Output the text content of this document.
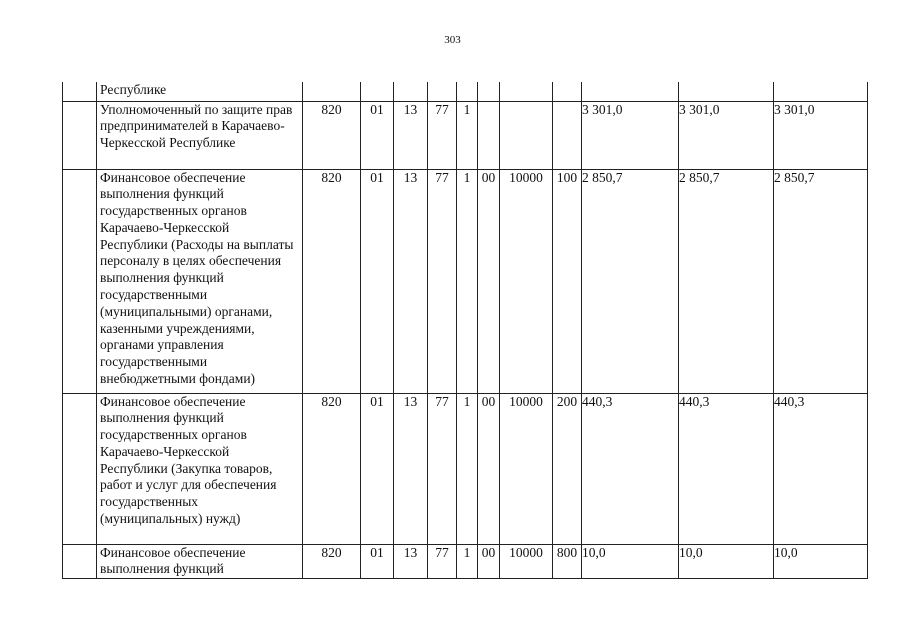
303

	Республике											

	Уполномоченный по защите прав предпринимателей в Карачаево-Черкесской Республике	820	01	13	77	1				3 301,0	3 301,0	3 301,0

	Финансовое обеспечение выполнения функций государственных органов Карачаево-Черкесской Республики (Расходы на выплаты персоналу в целях обеспечения выполнения функций государственными (муниципальными) органами, казенными учреждениями, органами управления государственными внебюджетными фондами)	820	01	13	77	1	00	10000	100	2 850,7	2 850,7	2 850,7

	Финансовое обеспечение выполнения функций государственных органов Карачаево-Черкесской Республики (Закупка товаров, работ и услуг для обеспечения государственных (муниципальных) нужд)	820	01	13	77	1	00	10000	200	440,3	440,3	440,3

	Финансовое обеспечение выполнения функций	820	01	13	77	1	00	10000	800	10,0	10,0	10,0
